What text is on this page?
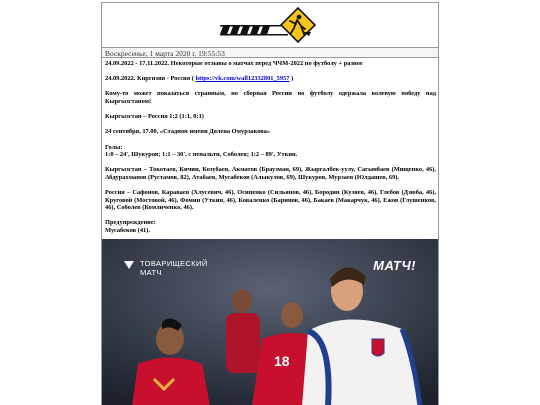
Воскресенье, 1 марта 2020 г. 19:55:53

24.09.2022 - 17.11.2022. Некоторые отзывы о матчах перед ЧЧМ-2022 по футболу + разное

24.09.2022. Киргизия - Россия ( https://vk.com/wall12332801_5957 )

Кому-то может показаться странным, но сборная России по футболу одержала волевую победу над Кыргызстаном!

Кыргызстан – Россия 1:2 (1:1, 0:1)

24 сентября, 17.00, «Стадион имени Долена Омурзакова»

Голы:
1:0 – 24', Шукуров; 1:1 – 30', с пенальти, Соболев; 1:2 – 89', Уткин.

Кыргызстан – Токотаев, Кичин, Козубаев, Акматов (Браузман, 69), Жыргалбек-уулу, Сагынбаев (Мищенко, 46), Абдурахманов (Рустамов, 82), Атабаев, Мусабеков (Алыкулов, 69), Шукуров, Мурзаев (Юлдашев, 69).

Россия – Сафонов, Караваев (Хлусевич, 46), Осипенко (Сильянов, 46), Бородин (Кузяев, 46), Глебов (Дзюба, 46), Круговой (Мостовой, 46), Фомин (Уткин, 46), Коваленко (Баринов, 46), Бакаев (Макарчук, 46), Ежов (Глушенков, 46), Соболев (Комличенко, 46).

Предупреждение:
Мусабеков (41).

ТОВАРИЩЕСКИЙ
МАТЧ	МАТЧ!
18
